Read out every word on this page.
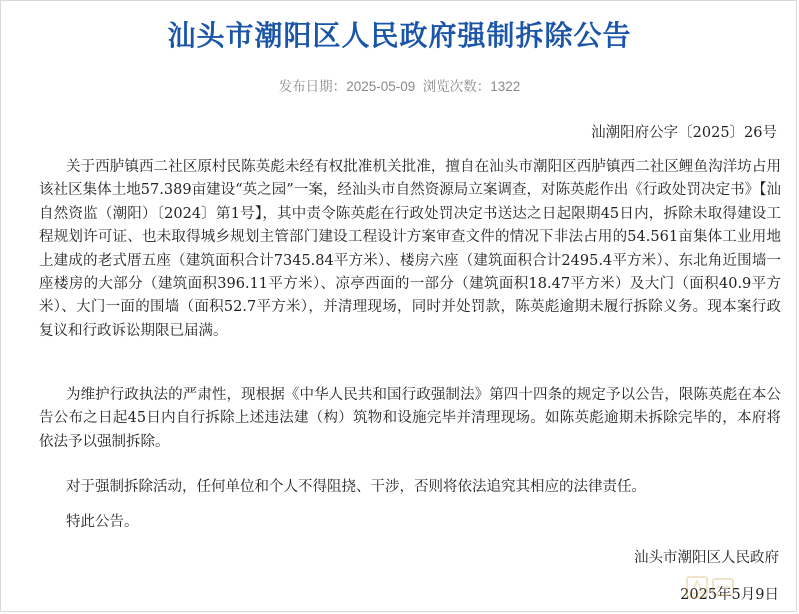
汕头市潮阳区人民政府强制拆除公告
发布日期：2025-05-09 浏览次数：1322
汕潮阳府公字〔2025〕26号

关于西胪镇西二社区原村民陈英彪未经有权批准机关批准，擅自在汕头市潮阳区西胪镇西二社区鲤鱼沟洋坊占用该社区集体土地57.389亩建设“英之园”一案，经汕头市自然资源局立案调查，对陈英彪作出《行政处罚决定书》【汕自然资监（潮阳）〔2024〕第1号】，其中责令陈英彪在行政处罚决定书送达之日起限期45日内，拆除未取得建设工程规划许可证、也未取得城乡规划主管部门建设工程设计方案审查文件的情况下非法占用的54.561亩集体工业用地上建成的老式厝五座（建筑面积合计7345.84平方米）、楼房六座（建筑面积合计2495.4平方米）、东北角近围墙一座楼房的大部分（建筑面积396.11平方米）、凉亭西面的一部分（建筑面积18.47平方米）及大门（面积40.9平方米）、大门一面的围墙（面积52.7平方米），并清理现场，同时并处罚款，陈英彪逾期未履行拆除义务。现本案行政复议和行政诉讼期限已届满。

为维护行政执法的严肃性，现根据《中华人民共和国行政强制法》第四十四条的规定予以公告，限陈英彪在本公告公布之日起45日内自行拆除上述违法建（构）筑物和设施完毕并清理现场。如陈英彪逾期未拆除完毕的，本府将依法予以强制拆除。

对于强制拆除活动，任何单位和个人不得阻挠、干涉，否则将依法追究其相应的法律责任。

特此公告。

汕头市潮阳区人民政府
2025年5月9日
